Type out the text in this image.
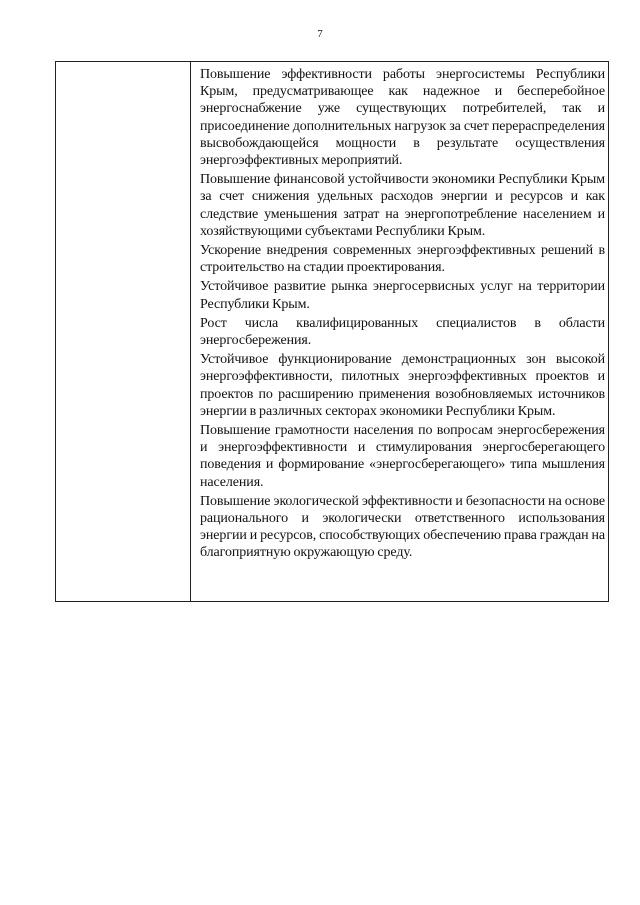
7

Повышение эффективности работы энергосистемы Республики Крым, предусматривающее как надежное и бесперебойное энергоснабжение уже существующих потребителей, так и присоединение дополнительных нагрузок за счет перераспределения высвобождающейся мощности в результате осуществления энергоэффективных мероприятий.

Повышение финансовой устойчивости экономики Республики Крым за счет снижения удельных расходов энергии и ресурсов и как следствие уменьшения затрат на энергопотребление населением и хозяйствующими субъектами Республики Крым.

Ускорение внедрения современных энергоэффективных решений в строительство на стадии проектирования.

Устойчивое развитие рынка энергосервисных услуг на территории Республики Крым.

Рост числа квалифицированных специалистов в области энергосбережения.

Устойчивое функционирование демонстрационных зон высокой энергоэффективности, пилотных энергоэффективных проектов и проектов по расширению применения возобновляемых источников энергии в различных секторах экономики Республики Крым.

Повышение грамотности населения по вопросам энергосбережения и энергоэффективности и стимулирования энергосберегающего поведения и формирование «энергосберегающего» типа мышления населения.

Повышение экологической эффективности и безопасности на основе рационального и экологически ответственного использования энергии и ресурсов, способствующих обеспечению права граждан на благоприятную окружающую среду.
